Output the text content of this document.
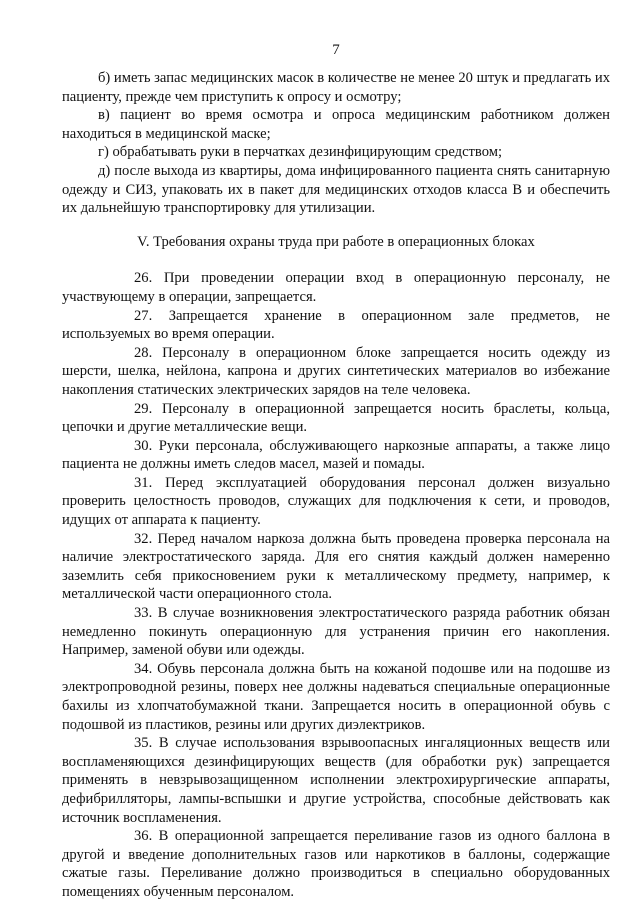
7

б) иметь запас медицинских масок в количестве не менее 20 штук и предлагать их пациенту, прежде чем приступить к опросу и осмотру;

в) пациент во время осмотра и опроса медицинским работником должен находиться в медицинской маске;

г) обрабатывать руки в перчатках дезинфицирующим средством;

д) после выхода из квартиры, дома инфицированного пациента снять санитарную одежду и СИЗ, упаковать их в пакет для медицинских отходов класса В и обеспечить их дальнейшую транспортировку для утилизации.

V. Требования охраны труда при работе в операционных блоках

26. При проведении операции вход в операционную персоналу, не участвующему в операции, запрещается.

27. Запрещается хранение в операционном зале предметов, не используемых во время операции.

28. Персоналу в операционном блоке запрещается носить одежду из шерсти, шелка, нейлона, капрона и других синтетических материалов во избежание накопления статических электрических зарядов на теле человека.

29. Персоналу в операционной запрещается носить браслеты, кольца, цепочки и другие металлические вещи.

30. Руки персонала, обслуживающего наркозные аппараты, а также лицо пациента не должны иметь следов масел, мазей и помады.

31. Перед эксплуатацией оборудования персонал должен визуально проверить целостность проводов, служащих для подключения к сети, и проводов, идущих от аппарата к пациенту.

32. Перед началом наркоза должна быть проведена проверка персонала на наличие электростатического заряда. Для его снятия каждый должен намеренно заземлить себя прикосновением руки к металлическому предмету, например, к металлической части операционного стола.

33. В случае возникновения электростатического разряда работник обязан немедленно покинуть операционную для устранения причин его накопления. Например, заменой обуви или одежды.

34. Обувь персонала должна быть на кожаной подошве или на подошве из электропроводной резины, поверх нее должны надеваться специальные операционные бахилы из хлопчатобумажной ткани. Запрещается носить в операционной обувь с подошвой из пластиков, резины или других диэлектриков.

35. В случае использования взрывоопасных ингаляционных веществ или воспламеняющихся дезинфицирующих веществ (для обработки рук) запрещается применять в невзрывозащищенном исполнении электрохирургические аппараты, дефибрилляторы, лампы-вспышки и другие устройства, способные действовать как источник воспламенения.

36. В операционной запрещается переливание газов из одного баллона в другой и введение дополнительных газов или наркотиков в баллоны, содержащие сжатые газы. Переливание должно производиться в специально оборудованных помещениях обученным персоналом.
